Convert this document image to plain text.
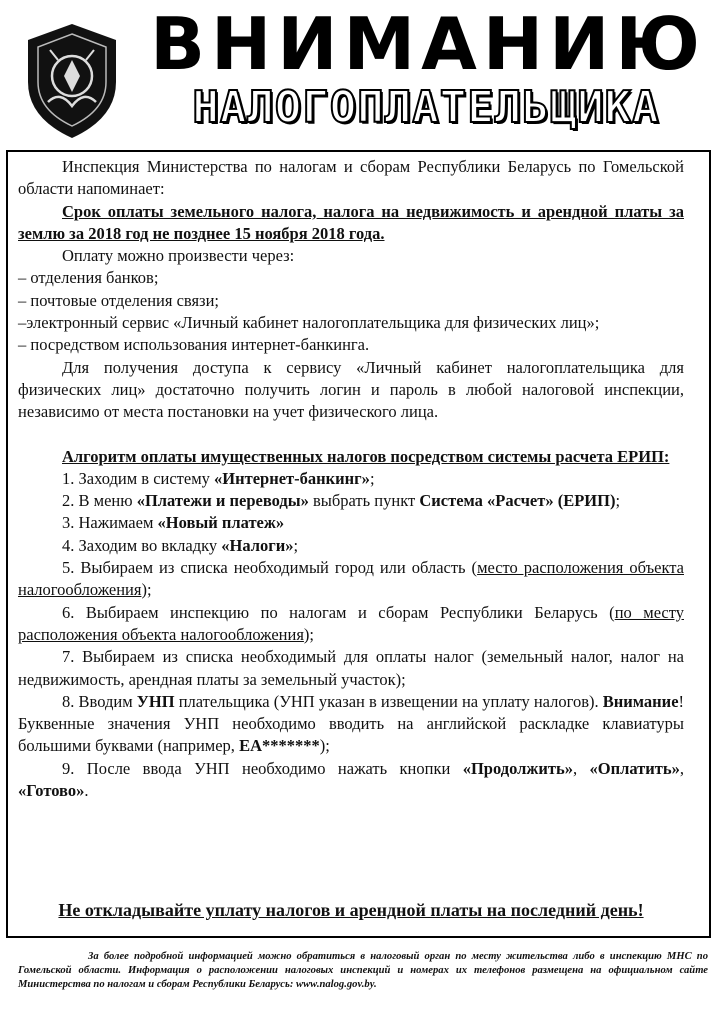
ВНИМАНИЮ
НАЛОГОПЛАТЕЛЬЩИКА

Инспекция Министерства по налогам и сборам Республики Беларусь по Гомельской области напоминает:

Срок оплаты земельного налога, налога на недвижимость и арендной платы за землю за 2018 год не позднее 15 ноября 2018 года.

Оплату можно произвести через:

– отделения банков;

– почтовые отделения связи;

–электронный сервис «Личный кабинет налогоплательщика для физических лиц»;

– посредством использования интернет-банкинга.

Для получения доступа к сервису «Личный кабинет налогоплательщика для физических лиц» достаточно получить логин и пароль в любой налоговой инспекции, независимо от места постановки на учет физического лица.

Алгоритм оплаты имущественных налогов посредством системы расчета ЕРИП:

1. Заходим в систему «Интернет-банкинг»;

2. В меню «Платежи и переводы» выбрать пункт Система «Расчет» (ЕРИП);

3. Нажимаем «Новый платеж»

4. Заходим во вкладку «Налоги»;

5. Выбираем из списка необходимый город или область (место расположения объекта налогообложения);

6. Выбираем инспекцию по налогам и сборам Республики Беларусь (по месту расположения объекта налогообложения);

7. Выбираем из списка необходимый для оплаты налог (земельный налог, налог на недвижимость, арендная платы за земельный участок);

8. Вводим УНП плательщика (УНП указан в извещении на уплату налогов). Внимание! Буквенные значения УНП необходимо вводить на английской раскладке клавиатуры большими буквами (например, ЕА*******);

9. После ввода УНП необходимо нажать кнопки «Продолжить», «Оплатить», «Готово».

Не откладывайте уплату налогов и арендной платы на последний день!

За более подробной информацией можно обратиться в налоговый орган по месту жительства либо в инспекцию МНС по Гомельской области. Информация о расположении налоговых инспекций и номерах их телефонов размещена на официальном сайте Министерства по налогам и сборам Республики Беларусь: www.nalog.gov.by.
